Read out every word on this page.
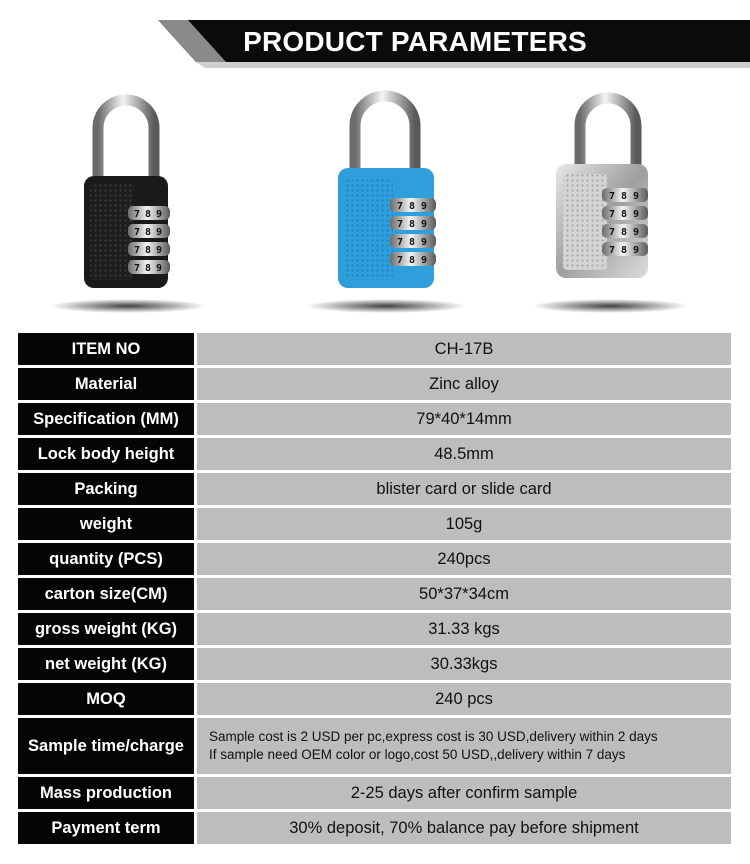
PRODUCT PARAMETERS
7 8 9
7 8 9
7 8 9
7 8 9
7 8 9
7 8 9
7 8 9
7 8 9
7 8 9
7 8 9
7 8 9
7 8 9
ITEM NO	CH-17B
Material	Zinc alloy
Specification (MM)	79*40*14mm
Lock body height	48.5mm
Packing	blister card or slide card
weight	105g
quantity (PCS)	240pcs
carton size(CM)	50*37*34cm
gross weight (KG)	31.33 kgs
net weight (KG)	30.33kgs
MOQ	240 pcs
Sample time/charge	Sample cost is 2 USD per pc,express cost is 30 USD,delivery within 2 days
If sample need OEM color or logo,cost 50 USD,,delivery within 7 days
Mass production	2-25 days after confirm sample
Payment term	30% deposit, 70% balance pay before shipment
